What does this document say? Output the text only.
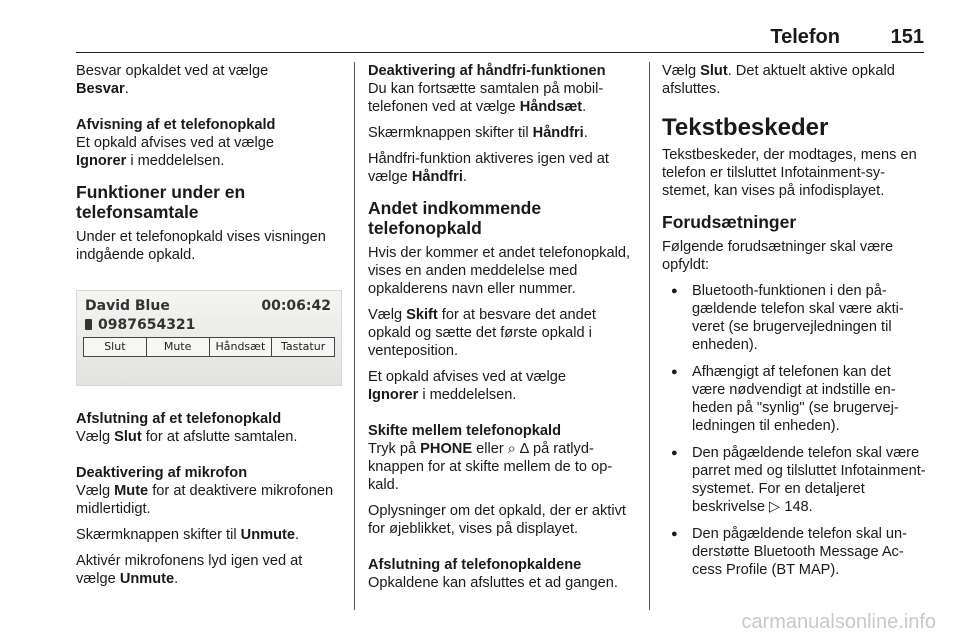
Telefon	151

Besvar opkaldet ved at vælge
Besvar.

Afvisning af et telefonopkald

Et opkald afvises ved at vælge
Ignorer i meddelelsen.

Funktioner under en telefonsamtale

Under et telefonopkald vises visningen indgående opkald.

David Blue	00:06:42
0987654321
Slut	Mute	Håndsæt	Tastatur

Afslutning af et telefonopkald

Vælg Slut for at afslutte samtalen.

Deaktivering af mikrofon

Vælg Mute for at deaktivere mikrofonen midlertidigt.

Skærmknappen skifter til Unmute.

Aktivér mikrofonens lyd igen ved at vælge Unmute.

Deaktivering af håndfri-funktionen

Du kan fortsætte samtalen på mobiltelefonen ved at vælge Håndsæt.

Skærmknappen skifter til Håndfri.

Håndfri-funktion aktiveres igen ved at vælge Håndfri.

Andet indkommende telefonopkald

Hvis der kommer et andet telefonopkald, vises en anden meddelelse med opkalderens navn eller nummer.

Vælg Skift for at besvare det andet opkald og sætte det første opkald i venteposition.

Et opkald afvises ved at vælge
Ignorer i meddelelsen.

Skifte mellem telefonopkald

Tryk på PHONE eller ⌕ ∆ på ratlydknappen for at skifte mellem de to opkald.

Oplysninger om det opkald, der er aktivt for øjeblikket, vises på displayet.

Afslutning af telefonopkaldene

Opkaldene kan afsluttes et ad gangen.

Vælg Slut. Det aktuelt aktive opkald afsluttes.

Tekstbeskeder

Tekstbeskeder, der modtages, mens en telefon er tilsluttet Infotainment-systemet, kan vises på infodisplayet.

Forudsætninger

Følgende forudsætninger skal være opfyldt:

● Bluetooth-funktionen i den pågældende telefon skal være aktiveret (se brugervejledningen til enheden).
● Afhængigt af telefonen kan det være nødvendigt at indstille enheden på "synlig" (se brugervejledningen til enheden).
● Den pågældende telefon skal være parret med og tilsluttet Infotainment-systemet. For en detaljeret beskrivelse ▷ 148.
● Den pågældende telefon skal understøtte Bluetooth Message Access Profile (BT MAP).
carmanualsonline.info
